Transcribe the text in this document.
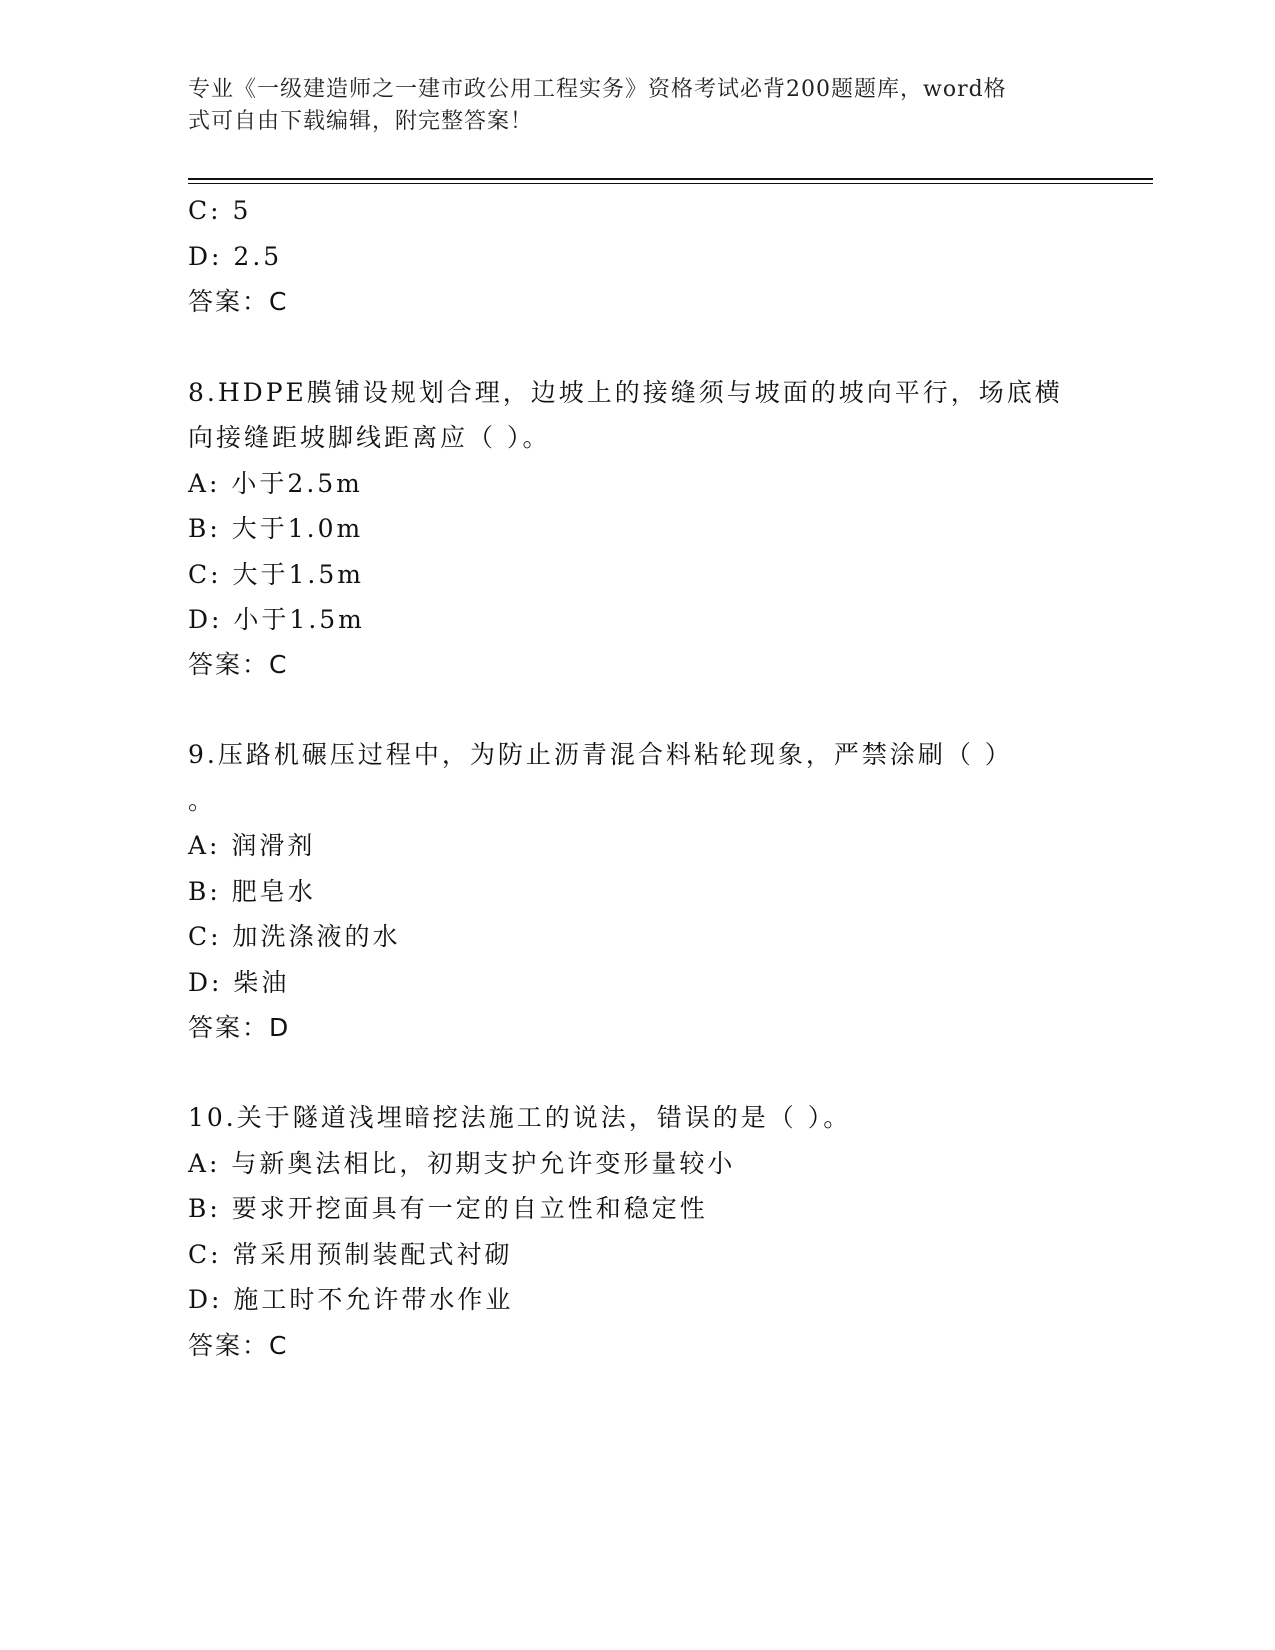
专业《一级建造师之一建市政公用工程实务》资格考试必背200题题库，word格
式可自由下载编辑，附完整答案！
C: 5
D: 2.5
答案：C
8.HDPE膜铺设规划合理，边坡上的接缝须与坡面的坡向平行，场底横
向接缝距坡脚线距离应（ ）。
A: 小于2.5m
B: 大于1.0m
C: 大于1.5m
D: 小于1.5m
答案：C
9.压路机碾压过程中，为防止沥青混合料粘轮现象，严禁涂刷（ ）
。
A: 润滑剂
B: 肥皂水
C: 加洗涤液的水
D: 柴油
答案：D
10.关于隧道浅埋暗挖法施工的说法，错误的是（ ）。
A: 与新奥法相比，初期支护允许变形量较小
B: 要求开挖面具有一定的自立性和稳定性
C: 常采用预制装配式衬砌
D: 施工时不允许带水作业
答案：C
